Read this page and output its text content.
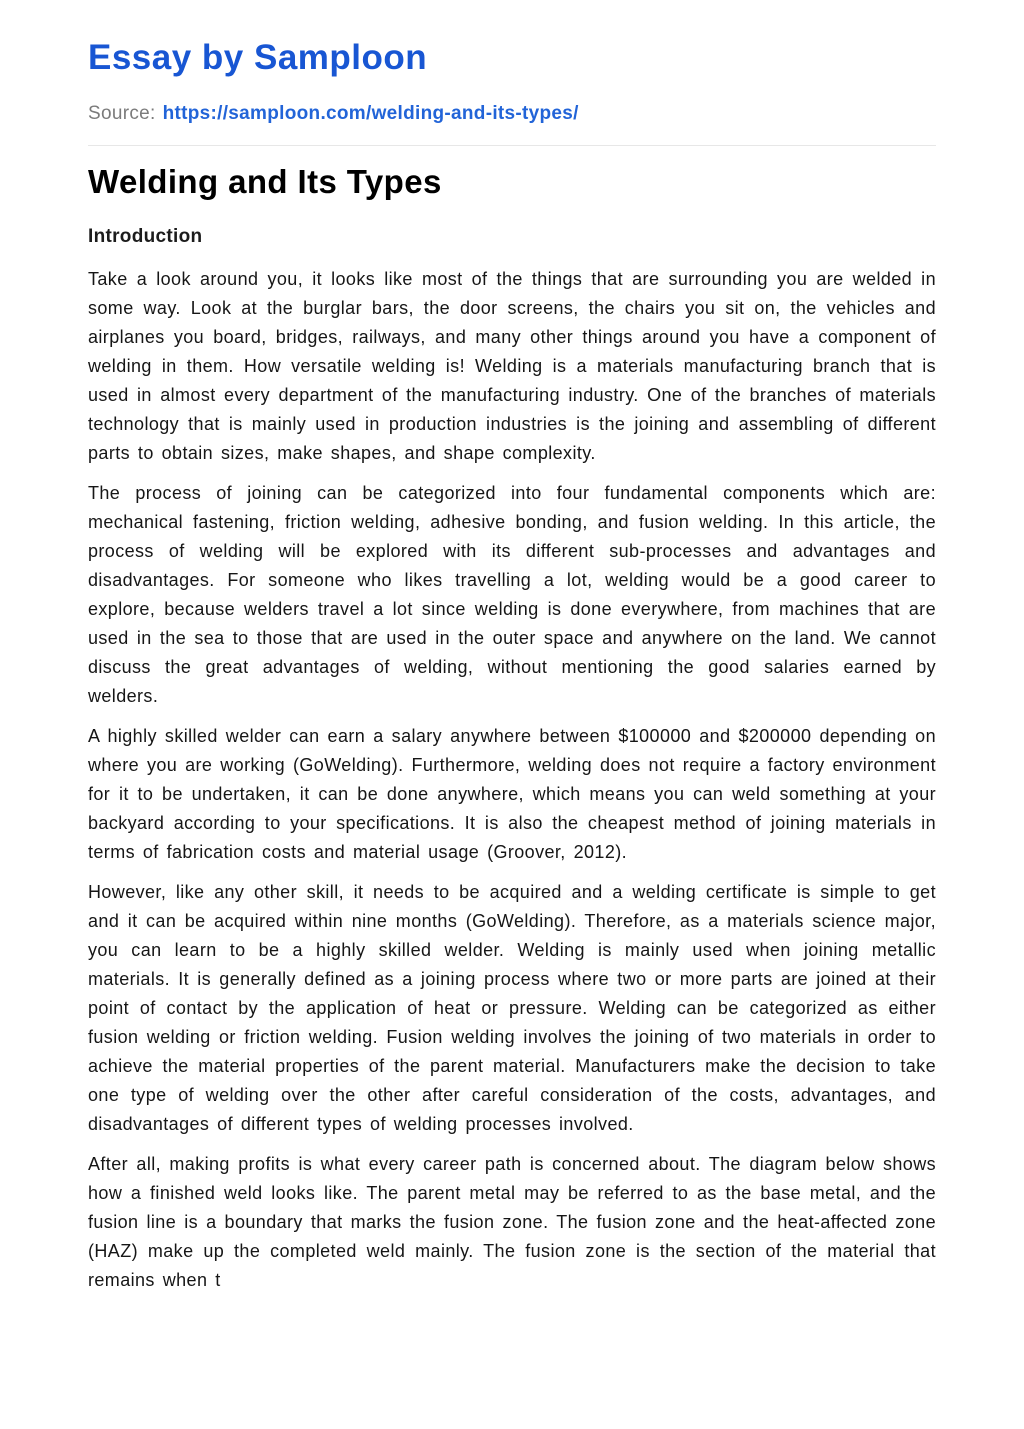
Essay by Samploon
Source: https://samploon.com/welding-and-its-types/
Welding and Its Types
Introduction

Take a look around you, it looks like most of the things that are surrounding you are welded in some way. Look at the burglar bars, the door screens, the chairs you sit on, the vehicles and airplanes you board, bridges, railways, and many other things around you have a component of welding in them. How versatile welding is! Welding is a materials manufacturing branch that is used in almost every department of the manufacturing industry. One of the branches of materials technology that is mainly used in production industries is the joining and assembling of different parts to obtain sizes, make shapes, and shape complexity.

The process of joining can be categorized into four fundamental components which are: mechanical fastening, friction welding, adhesive bonding, and fusion welding. In this article, the process of welding will be explored with its different sub-processes and advantages and disadvantages. For someone who likes travelling a lot, welding would be a good career to explore, because welders travel a lot since welding is done everywhere, from machines that are used in the sea to those that are used in the outer space and anywhere on the land. We cannot discuss the great advantages of welding, without mentioning the good salaries earned by welders.

A highly skilled welder can earn a salary anywhere between $100000 and $200000 depending on where you are working (GoWelding). Furthermore, welding does not require a factory environment for it to be undertaken, it can be done anywhere, which means you can weld something at your backyard according to your specifications. It is also the cheapest method of joining materials in terms of fabrication costs and material usage (Groover, 2012).

However, like any other skill, it needs to be acquired and a welding certificate is simple to get and it can be acquired within nine months (GoWelding). Therefore, as a materials science major, you can learn to be a highly skilled welder. Welding is mainly used when joining metallic materials. It is generally defined as a joining process where two or more parts are joined at their point of contact by the application of heat or pressure. Welding can be categorized as either fusion welding or friction welding. Fusion welding involves the joining of two materials in order to achieve the material properties of the parent material. Manufacturers make the decision to take one type of welding over the other after careful consideration of the costs, advantages, and disadvantages of different types of welding processes involved.

After all, making profits is what every career path is concerned about. The diagram below shows how a finished weld looks like. The parent metal may be referred to as the base metal, and the fusion line is a boundary that marks the fusion zone. The fusion zone and the heat-affected zone (HAZ) make up the completed weld mainly. The fusion zone is the section of the material that remains when t
